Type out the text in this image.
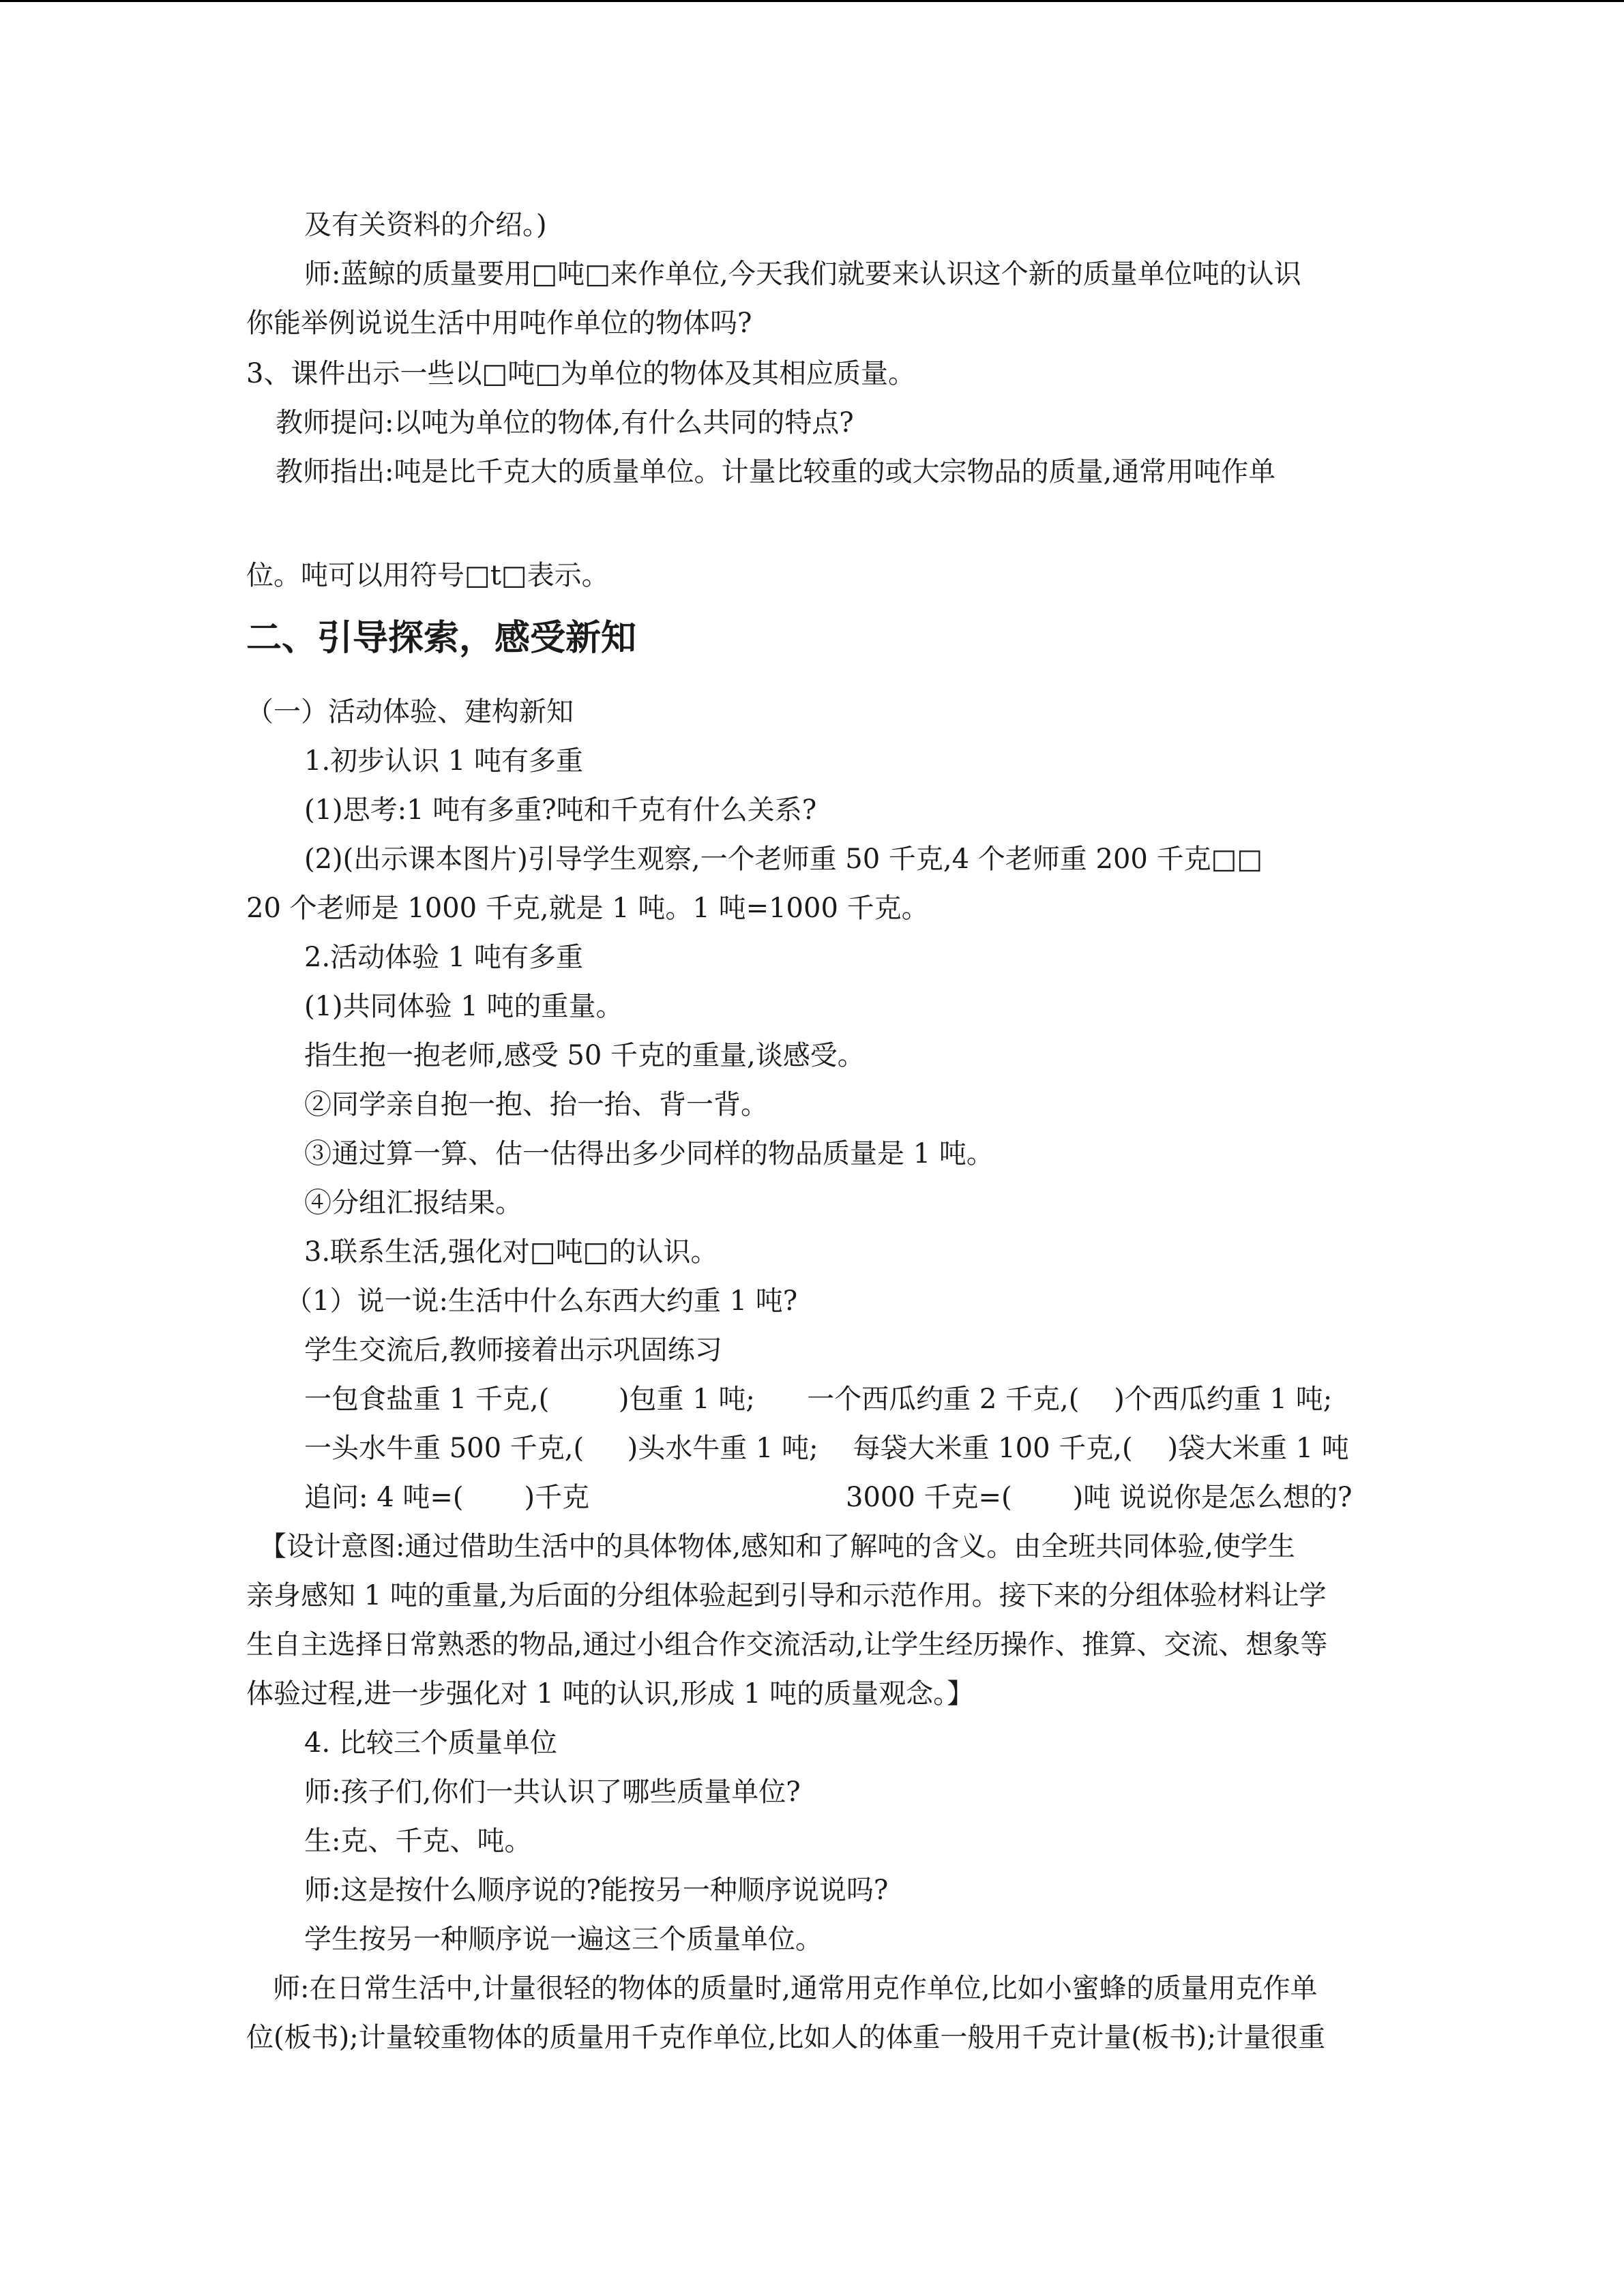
及有关资料的介绍。)
师:蓝鲸的质量要用□吨□来作单位,今天我们就要来认识这个新的质量单位吨的认识
你能举例说说生活中用吨作单位的物体吗?
3、课件出示一些以□吨□为单位的物体及其相应质量。
教师提问:以吨为单位的物体,有什么共同的特点?
教师指出:吨是比千克大的质量单位。计量比较重的或大宗物品的质量,通常用吨作单
位。吨可以用符号□t□表示。
二、引导探索，感受新知
（一）活动体验、建构新知
1.初步认识 1 吨有多重
(1)思考:1 吨有多重?吨和千克有什么关系?
(2)(出示课本图片)引导学生观察,一个老师重 50 千克,4 个老师重 200 千克□□
20 个老师是 1000 千克,就是 1 吨。1 吨=1000 千克。
2.活动体验 1 吨有多重
(1)共同体验 1 吨的重量。
指生抱一抱老师,感受 50 千克的重量,谈感受。
②同学亲自抱一抱、抬一抬、背一背。
③通过算一算、估一估得出多少同样的物品质量是 1 吨。
④分组汇报结果。
3.联系生活,强化对□吨□的认识。
（1）说一说:生活中什么东西大约重 1 吨?
学生交流后,教师接着出示巩固练习
一包食盐重 1 千克,(        )包重 1 吨;      一个西瓜约重 2 千克,(    )个西瓜约重 1 吨;
一头水牛重 500 千克,(     )头水牛重 1 吨;    每袋大米重 100 千克,(    )袋大米重 1 吨
追问: 4 吨=(       )千克	3000 千克=(       )吨 说说你是怎么想的?
【设计意图:通过借助生活中的具体物体,感知和了解吨的含义。由全班共同体验,使学生
亲身感知 1 吨的重量,为后面的分组体验起到引导和示范作用。接下来的分组体验材料让学
生自主选择日常熟悉的物品,通过小组合作交流活动,让学生经历操作、推算、交流、想象等
体验过程,进一步强化对 1 吨的认识,形成 1 吨的质量观念。】
4. 比较三个质量单位
师:孩子们,你们一共认识了哪些质量单位?
生:克、千克、吨。
师:这是按什么顺序说的?能按另一种顺序说说吗?
学生按另一种顺序说一遍这三个质量单位。
师:在日常生活中,计量很轻的物体的质量时,通常用克作单位,比如小蜜蜂的质量用克作单
位(板书);计量较重物体的质量用千克作单位,比如人的体重一般用千克计量(板书);计量很重
